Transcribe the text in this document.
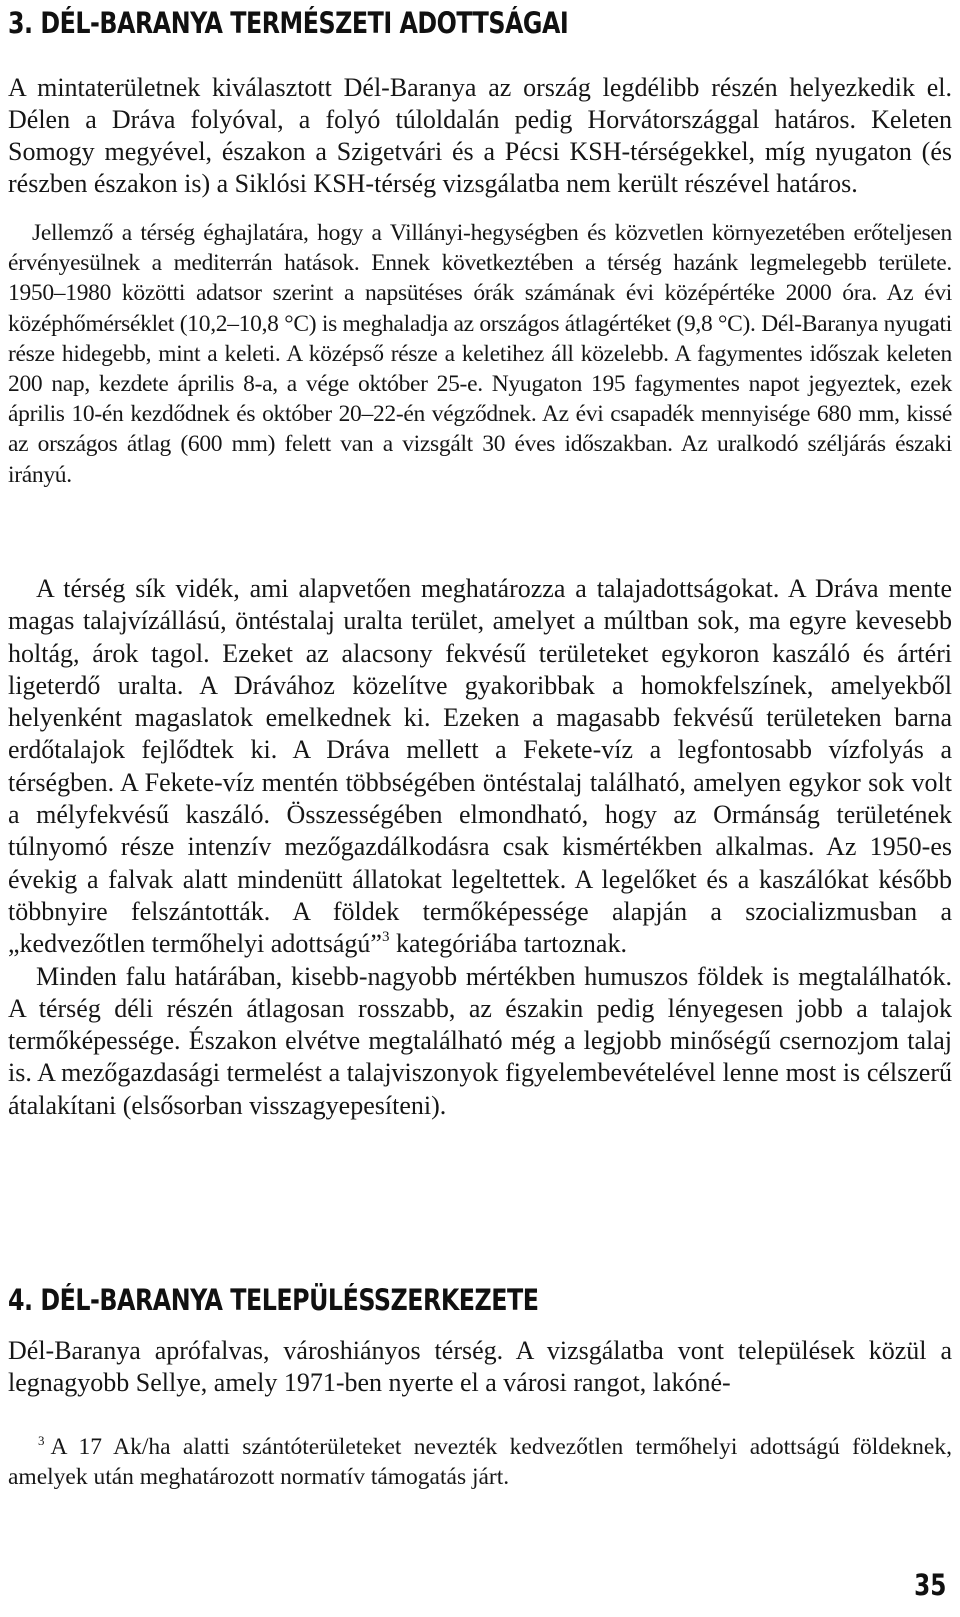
3. DÉL-BARANYA TERMÉSZETI ADOTTSÁGAI

A mintaterületnek kiválasztott Dél-Baranya az ország legdélibb részén helyezkedik el. Délen a Dráva folyóval, a folyó túloldalán pedig Horvátországgal határos. Keleten Somogy megyével, északon a Szigetvári és a Pécsi KSH-térségekkel, míg nyugaton (és részben északon is) a Siklósi KSH-térség vizsgálatba nem került részével határos.

Jellemző a térség éghajlatára, hogy a Villányi-hegységben és közvetlen környezetében erőteljesen érvényesülnek a mediterrán hatások. Ennek következtében a térség hazánk legmelegebb területe. 1950–1980 közötti adatsor szerint a napsütéses órák számának évi középértéke 2000 óra. Az évi középhőmérséklet (10,2–10,8 °C) is meghaladja az országos átlagértéket (9,8 °C). Dél-Baranya nyugati része hidegebb, mint a keleti. A középső része a keletihez áll közelebb. A fagymentes időszak keleten 200 nap, kezdete április 8-a, a vége október 25-e. Nyugaton 195 fagymentes napot jegyeztek, ezek április 10-én kezdődnek és október 20–22-én végződnek. Az évi csapadék mennyisége 680 mm, kissé az országos átlag (600 mm) felett van a vizsgált 30 éves időszakban. Az uralkodó széljárás északi irányú.

A térség sík vidék, ami alapvetően meghatározza a talajadottságokat. A Dráva mente magas talajvízállású, öntéstalaj uralta terület, amelyet a múltban sok, ma egyre kevesebb holtág, árok tagol. Ezeket az alacsony fekvésű területeket egykoron kaszáló és ártéri ligeterdő uralta. A Drávához közelítve gyakoribbak a homokfelszínek, amelyekből helyenként magaslatok emelkednek ki. Ezeken a magasabb fekvésű területeken barna erdőtalajok fejlődtek ki. A Dráva mellett a Fekete-víz a legfontosabb vízfolyás a térségben. A Fekete-víz mentén többségében öntéstalaj található, amelyen egykor sok volt a mélyfekvésű kaszáló. Összességében elmondható, hogy az Ormánság területének túlnyomó része intenzív mezőgazdálkodásra csak kismértékben alkalmas. Az 1950-es évekig a falvak alatt mindenütt állatokat legeltettek. A legelőket és a kaszálókat később többnyire felszántották. A földek termőképessége alapján a szocializmusban a „kedvezőtlen termőhelyi adottságú”$^3$ kategóriába tartoznak.

Minden falu határában, kisebb-nagyobb mértékben humuszos földek is megtalálhatók. A térség déli részén átlagosan rosszabb, az északin pedig lényegesen jobb a talajok termőképessége. Északon elvétve megtalálható még a legjobb minőségű csernozjom talaj is. A mezőgazdasági termelést a talajviszonyok figyelembevételével lenne most is célszerű átalakítani (elsősorban visszagyepesíteni).

4. DÉL-BARANYA TELEPÜLÉSSZERKEZETE

Dél-Baranya aprófalvas, városhiányos térség. A vizsgálatba vont települések közül a legnagyobb Sellye, amely 1971-ben nyerte el a városi rangot, lakóné-

$^3$ A 17 Ak/ha alatti szántóterületeket nevezték kedvezőtlen termőhelyi adottságú földeknek, amelyek után meghatározott normatív támogatás járt.

35
